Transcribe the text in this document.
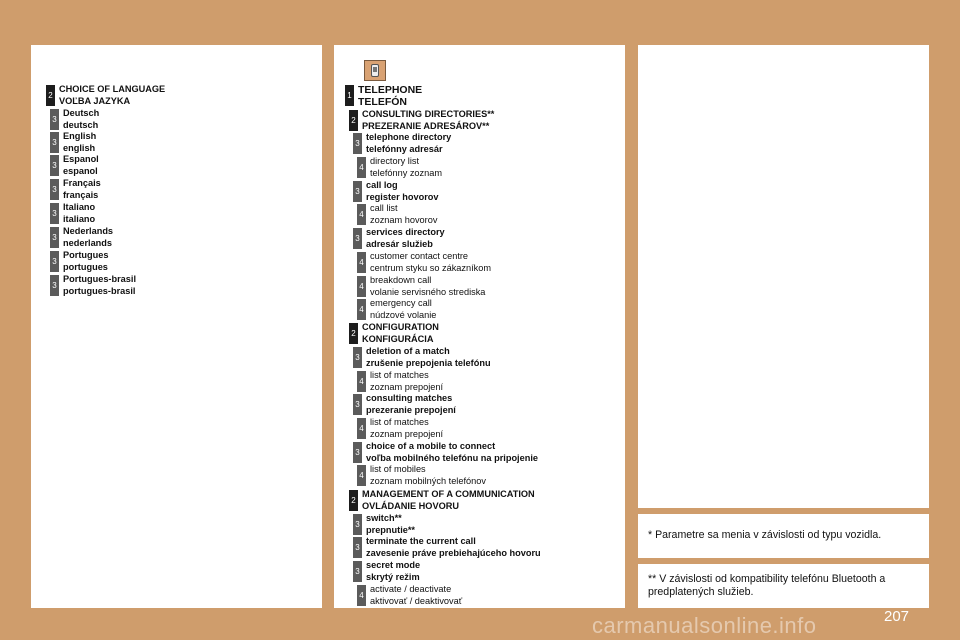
2
CHOICE OF LANGUAGE
VOĽBA JAZYKA
3
Deutsch
deutsch
3
English
english
3
Espanol
espanol
3
Français
français
3
Italiano
italiano
3
Nederlands
nederlands
3
Portugues
portugues
3
Portugues-brasil
portugues-brasil
1 TELEPHONE
TELEFÓN
2
CONSULTING DIRECTORIES**
PREZERANIE ADRESÁROV**
3
telephone directory
telefónny adresár
4
directory list
telefónny zoznam
3
call log
register hovorov
4
call list
zoznam hovorov
3
services directory
adresár služieb
4
customer contact centre
centrum styku so zákazníkom
4
breakdown call
volanie servisného strediska
4
emergency call
núdzové volanie
2
CONFIGURATION
KONFIGURÁCIA
3
deletion of a match
zrušenie prepojenia telefónu
4
list of matches
zoznam prepojení
3
consulting matches
prezeranie prepojení
4
list of matches
zoznam prepojení
3
choice of a mobile to connect
voľba mobilného telefónu na pripojenie
4
list of mobiles
zoznam mobilných telefónov
2
MANAGEMENT OF A COMMUNICATION
OVLÁDANIE HOVORU
3
switch**
prepnutie**
3
terminate the current call
zavesenie práve prebiehajúceho hovoru
3
secret mode
skrytý režim
4
activate / deactivate
aktivovať / deaktivovať
* Parametre sa menia v závislosti od typu vozidla.
** V závislosti od kompatibility telefónu Bluetooth a predplatených služieb.
207
carmanualsonline.info
